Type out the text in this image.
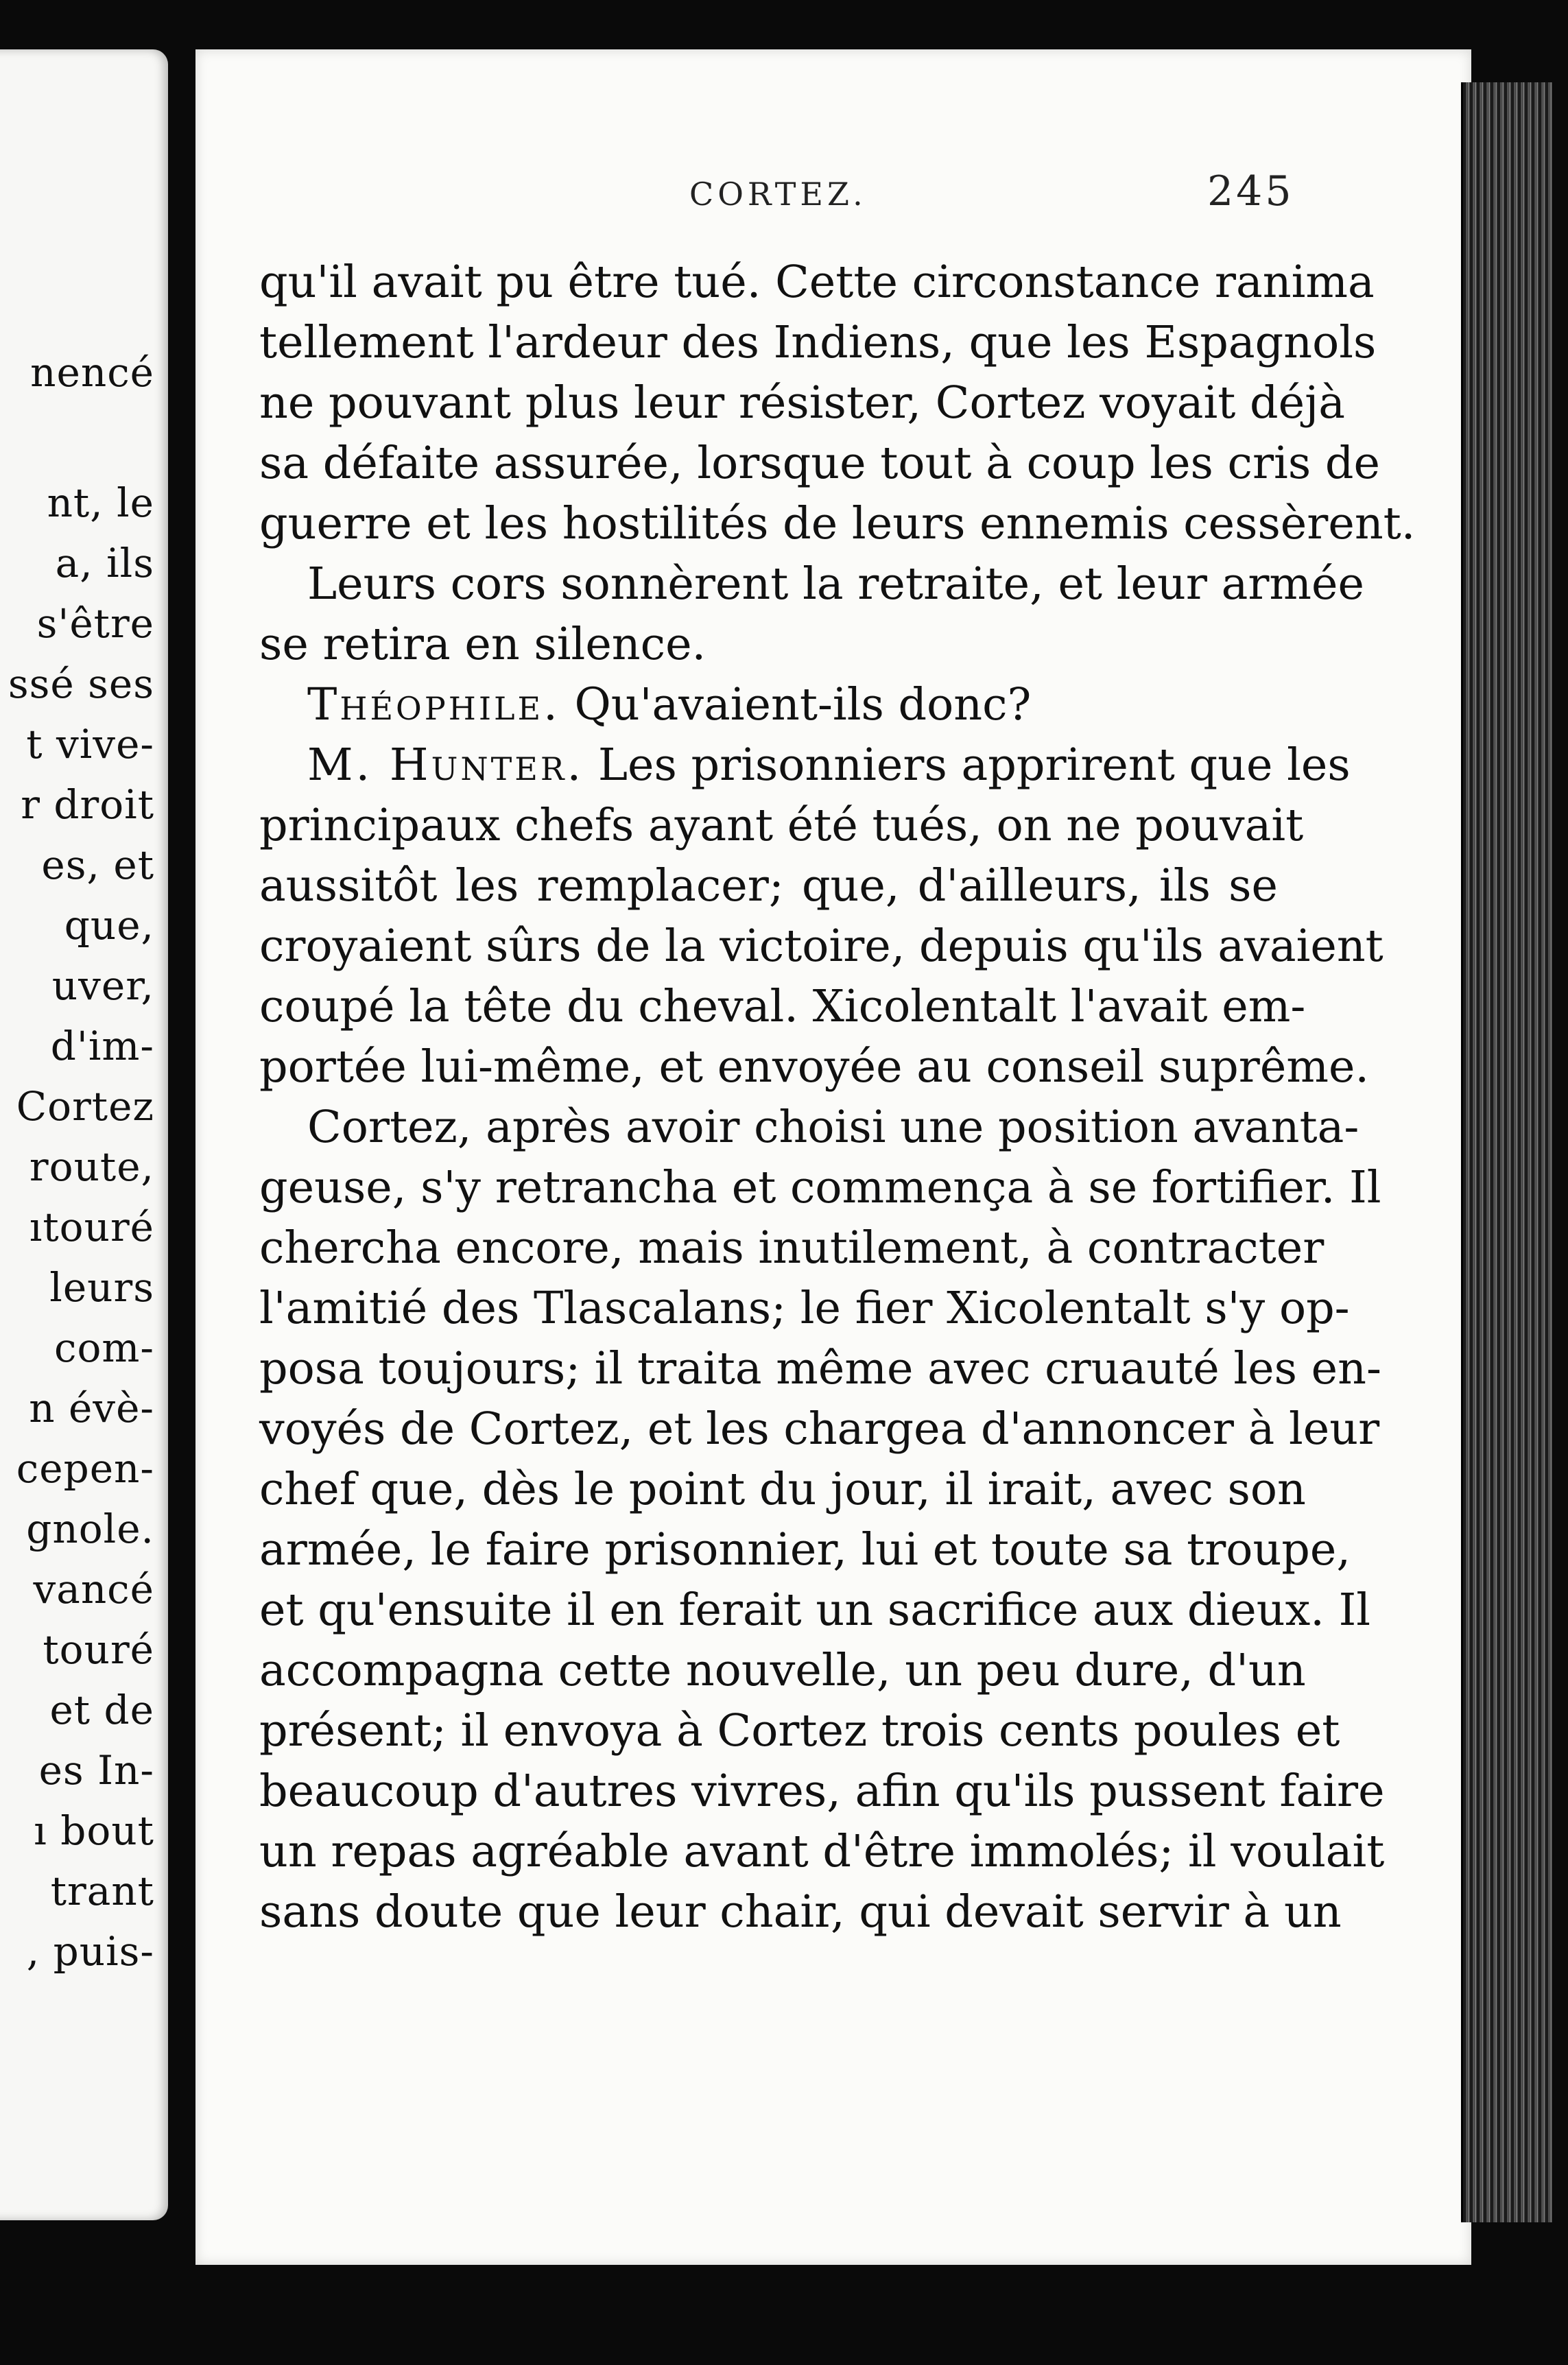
nencé
nt, le
a, ils
s'être
ssé ses
t vive-
r droit
es, et
que,
uver,
d'im-
Cortez
route,
ıtouré
leurs
com-
n évè-
cepen-
gnole.
vancé
touré
et de
es In-
ı bout
trant
, puis-
CORTEZ.	245
qu'il avait pu être tué. Cette circonstance ranima
tellement l'ardeur des Indiens, que les Espagnols
ne pouvant plus leur résister, Cortez voyait déjà
sa défaite assurée, lorsque tout à coup les cris de
guerre et les hostilités de leurs ennemis cessèrent.
Leurs cors sonnèrent la retraite, et leur armée
se retira en silence.
Théophile. Qu'avaient-ils donc?
M. Hunter. Les prisonniers apprirent que les
principaux chefs ayant été tués, on ne pouvait
aussitôt les remplacer; que, d'ailleurs, ils se
croyaient sûrs de la victoire, depuis qu'ils avaient
coupé la tête du cheval. Xicolentalt l'avait em-
portée lui-même, et envoyée au conseil suprême.
Cortez, après avoir choisi une position avanta-
geuse, s'y retrancha et commença à se fortifier. Il
chercha encore, mais inutilement, à contracter
l'amitié des Tlascalans; le fier Xicolentalt s'y op-
posa toujours; il traita même avec cruauté les en-
voyés de Cortez, et les chargea d'annoncer à leur
chef que, dès le point du jour, il irait, avec son
armée, le faire prisonnier, lui et toute sa troupe,
et qu'ensuite il en ferait un sacrifice aux dieux. Il
accompagna cette nouvelle, un peu dure, d'un
présent; il envoya à Cortez trois cents poules et
beaucoup d'autres vivres, afin qu'ils pussent faire
un repas agréable avant d'être immolés; il voulait
sans doute que leur chair, qui devait servir à un
